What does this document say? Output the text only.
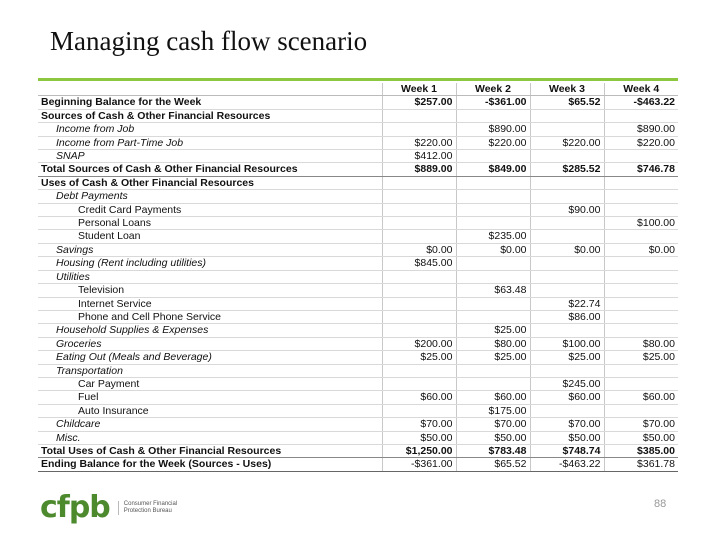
Managing cash flow scenario
	Week 1	Week 2	Week 3	Week 4
Beginning Balance for the Week	$257.00	-$361.00	$65.52	-$463.22
Sources of Cash & Other Financial Resources				
Income from Job		$890.00		$890.00
Income from Part-Time Job	$220.00	$220.00	$220.00	$220.00
SNAP	$412.00			
Total Sources of Cash & Other Financial Resources	$889.00	$849.00	$285.52	$746.78
Uses of Cash & Other Financial Resources				
Debt Payments				
Credit Card Payments			$90.00	
Personal Loans				$100.00
Student Loan		$235.00		
Savings	$0.00	$0.00	$0.00	$0.00
Housing (Rent including utilities)	$845.00			
Utilities				
Television		$63.48		
Internet Service			$22.74	
Phone and Cell Phone Service			$86.00	
Household Supplies & Expenses		$25.00		
Groceries	$200.00	$80.00	$100.00	$80.00
Eating Out (Meals and Beverage)	$25.00	$25.00	$25.00	$25.00
Transportation				
Car Payment			$245.00	
Fuel	$60.00	$60.00	$60.00	$60.00
Auto Insurance		$175.00		
Childcare	$70.00	$70.00	$70.00	$70.00
Misc.	$50.00	$50.00	$50.00	$50.00
Total Uses of Cash & Other Financial Resources	$1,250.00	$783.48	$748.74	$385.00
Ending Balance for the Week (Sources - Uses)	-$361.00	$65.52	-$463.22	$361.78
cfpb Consumer Financial
Protection Bureau
88
